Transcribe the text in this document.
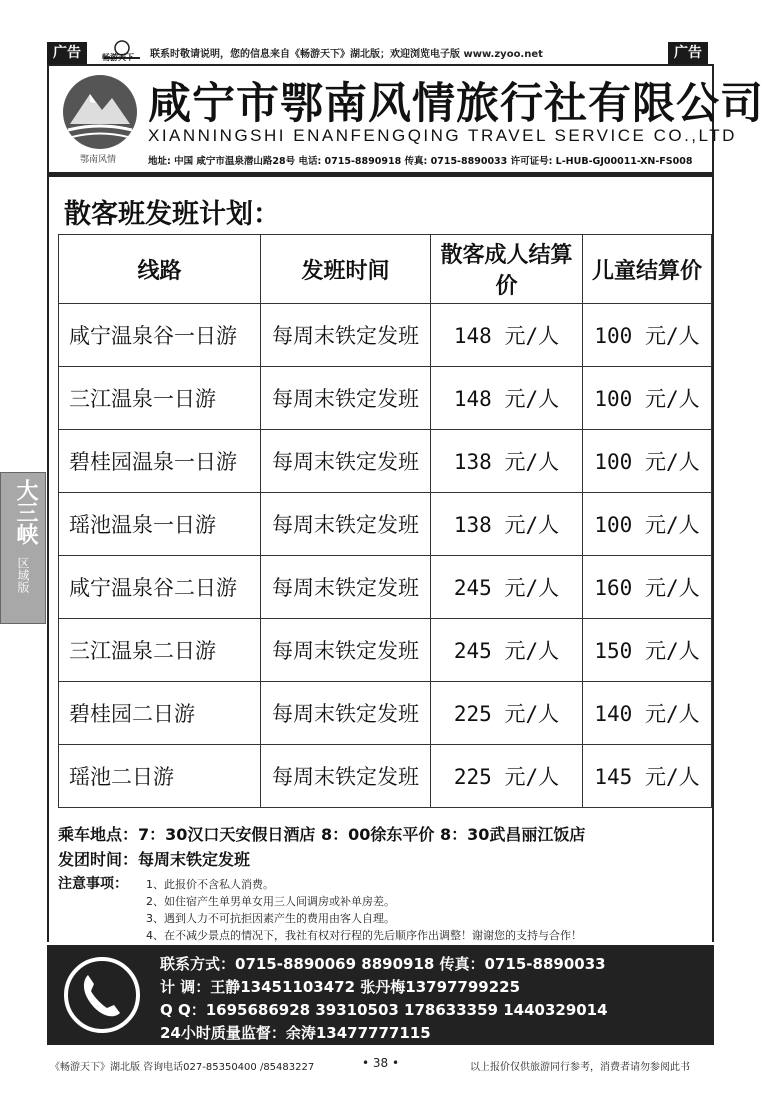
广告	畅游天下 联系时敬请说明，您的信息来自《畅游天下》湖北版；欢迎浏览电子版 www.zyoo.net	广告
鄂南风情
咸宁市鄂南风情旅行社有限公司
XIANNINGSHI ENANFENGQING TRAVEL SERVICE CO.,LTD
地址: 中国 咸宁市温泉潜山路28号 电话: 0715-8890918 传真: 0715-8890033 许可证号: L-HUB-GJ00011-XN-FS008
散客班发班计划：
线路	发班时间	散客成人结算价	儿童结算价
咸宁温泉谷一日游	每周末铁定发班	148 元/人	100 元/人
三江温泉一日游	每周末铁定发班	148 元/人	100 元/人
碧桂园温泉一日游	每周末铁定发班	138 元/人	100 元/人
瑶池温泉一日游	每周末铁定发班	138 元/人	100 元/人
咸宁温泉谷二日游	每周末铁定发班	245 元/人	160 元/人
三江温泉二日游	每周末铁定发班	245 元/人	150 元/人
碧桂园二日游	每周末铁定发班	225 元/人	140 元/人
瑶池二日游	每周末铁定发班	225 元/人	145 元/人
乘车地点：7：30汉口天安假日酒店 8：00徐东平价 8：30武昌丽江饭店
发团时间：每周末铁定发班
注意事项： 1、此报价不含私人消费。
2、如住宿产生单男单女用三人间调房或补单房差。
3、遇到人力不可抗拒因素产生的费用由客人自理。
4、在不减少景点的情况下，我社有权对行程的先后顺序作出调整！谢谢您的支持与合作！
联系方式：0715-8890069 8890918 传真：0715-8890033
计 调：王静13451103472 张丹梅13797799225
Q Q：1695686928 39310503 178633359 1440329014
24小时质量监督：余涛13477777115
大三峡
区域版
《畅游天下》湖北版 咨询电话027-85350400 /85483227	• 38 •	以上报价仅供旅游同行参考，消费者请勿参阅此书
